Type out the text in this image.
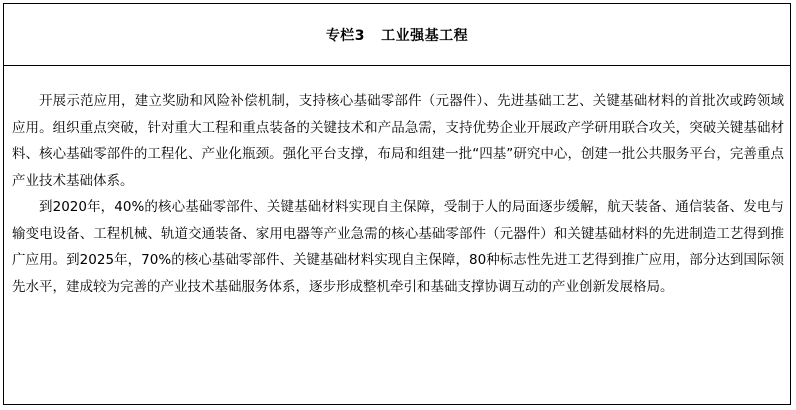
专栏3   工业强基工程

开展示范应用，建立奖励和风险补偿机制，支持核心基础零部件（元器件）、先进基础工艺、关键基础材料的首批次或跨领域应用。组织重点突破，针对重大工程和重点装备的关键技术和产品急需，支持优势企业开展政产学研用联合攻关，突破关键基础材料、核心基础零部件的工程化、产业化瓶颈。强化平台支撑，布局和组建一批“四基”研究中心，创建一批公共服务平台，完善重点产业技术基础体系。

到2020年，40%的核心基础零部件、关键基础材料实现自主保障，受制于人的局面逐步缓解，航天装备、通信装备、发电与输变电设备、工程机械、轨道交通装备、家用电器等产业急需的核心基础零部件（元器件）和关键基础材料的先进制造工艺得到推广应用。到2025年，70%的核心基础零部件、关键基础材料实现自主保障，80种标志性先进工艺得到推广应用，部分达到国际领先水平，建成较为完善的产业技术基础服务体系，逐步形成整机牵引和基础支撑协调互动的产业创新发展格局。
